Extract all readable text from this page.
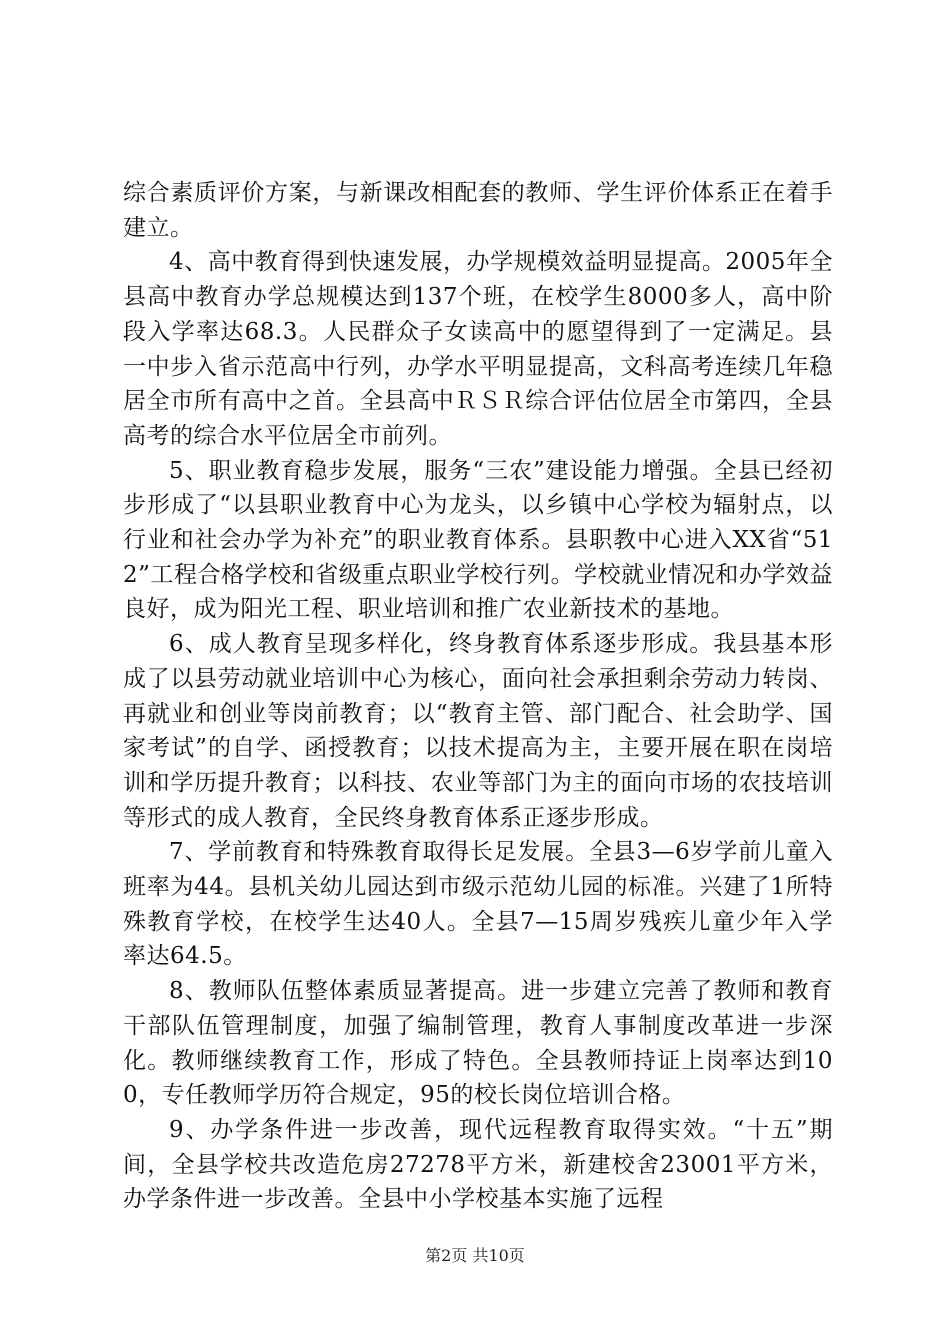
综合素质评价方案，与新课改相配套的教师、学生评价体系正在着手建立。

4、高中教育得到快速发展，办学规模效益明显提高。2005年全县高中教育办学总规模达到137个班，在校学生8000多人，高中阶段入学率达68.3。人民群众子女读高中的愿望得到了一定满足。县一中步入省示范高中行列，办学水平明显提高，文科高考连续几年稳居全市所有高中之首。全县高中ＲＳＲ综合评估位居全市第四，全县高考的综合水平位居全市前列。

5、职业教育稳步发展，服务“三农”建设能力增强。全县已经初步形成了“以县职业教育中心为龙头，以乡镇中心学校为辐射点，以行业和社会办学为补充”的职业教育体系。县职教中心进入XX省“512”工程合格学校和省级重点职业学校行列。学校就业情况和办学效益良好，成为阳光工程、职业培训和推广农业新技术的基地。

6、成人教育呈现多样化，终身教育体系逐步形成。我县基本形成了以县劳动就业培训中心为核心，面向社会承担剩余劳动力转岗、再就业和创业等岗前教育；以“教育主管、部门配合、社会助学、国家考试”的自学、函授教育；以技术提高为主，主要开展在职在岗培训和学历提升教育；以科技、农业等部门为主的面向市场的农技培训等形式的成人教育，全民终身教育体系正逐步形成。

7、学前教育和特殊教育取得长足发展。全县3—6岁学前儿童入班率为44。县机关幼儿园达到市级示范幼儿园的标准。兴建了1所特殊教育学校，在校学生达40人。全县7—15周岁残疾儿童少年入学率达64.5。

8、教师队伍整体素质显著提高。进一步建立完善了教师和教育干部队伍管理制度，加强了编制管理，教育人事制度改革进一步深化。教师继续教育工作，形成了特色。全县教师持证上岗率达到100，专任教师学历符合规定，95的校长岗位培训合格。

9、办学条件进一步改善，现代远程教育取得实效。“十五”期间，全县学校共改造危房27278平方米，新建校舍23001平方米，办学条件进一步改善。全县中小学校基本实施了远程

第2页 共10页
